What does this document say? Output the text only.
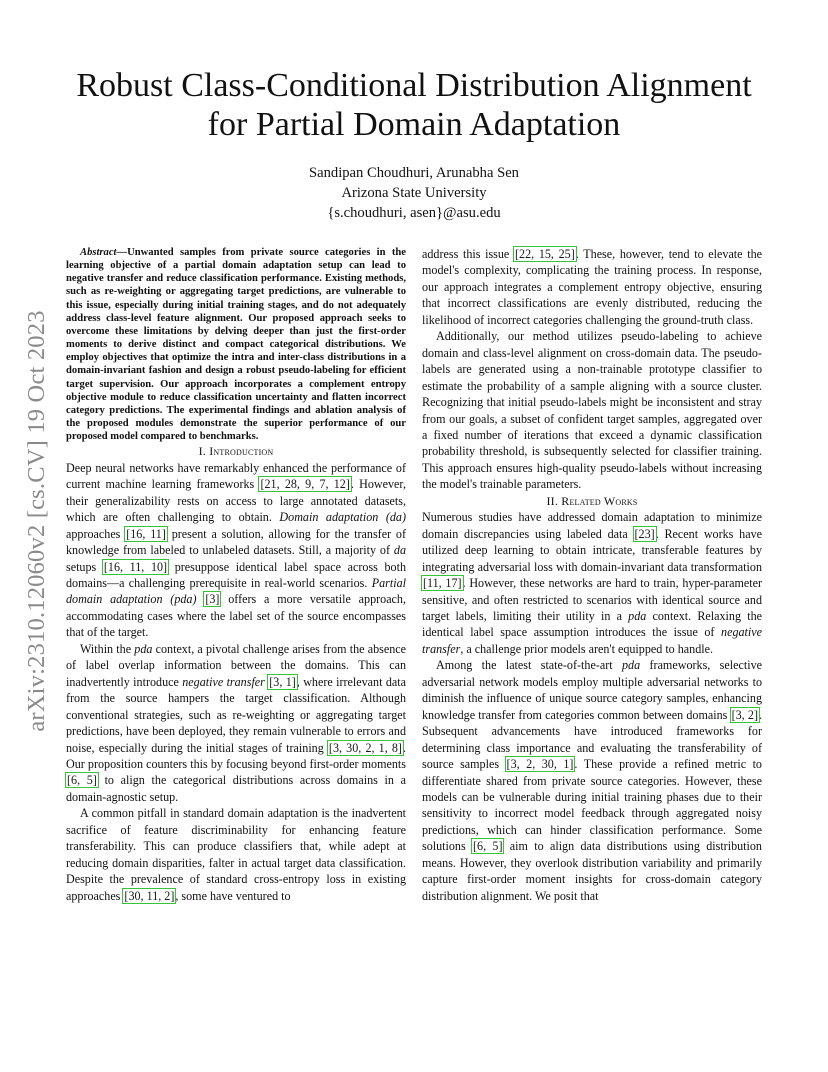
arXiv:2310.12060v2 [cs.CV] 19 Oct 2023
Robust Class-Conditional Distribution Alignment
for Partial Domain Adaptation
Sandipan Choudhuri, Arunabha Sen
Arizona State University
{s.choudhuri, asen}@asu.edu

Abstract—Unwanted samples from private source categories in the learning objective of a partial domain adaptation setup can lead to negative transfer and reduce classification performance. Existing methods, such as re-weighting or aggregating target predictions, are vulnerable to this issue, especially during initial training stages, and do not adequately address class-level feature alignment. Our proposed approach seeks to overcome these limitations by delving deeper than just the first-order moments to derive distinct and compact categorical distributions. We employ objectives that optimize the intra and inter-class distributions in a domain-invariant fashion and design a robust pseudo-labeling for efficient target supervision. Our approach incorporates a complement entropy objective module to reduce classification uncertainty and flatten incorrect category predictions. The experimental findings and ablation analysis of the proposed modules demonstrate the superior performance of our proposed model compared to benchmarks.

I. Introduction

Deep neural networks have remarkably enhanced the performance of current machine learning frameworks [21, 28, 9, 7, 12]. However, their generalizability rests on access to large annotated datasets, which are often challenging to obtain. Domain adaptation (da) approaches [16, 11] present a solution, allowing for the transfer of knowledge from labeled to unlabeled datasets. Still, a majority of da setups [16, 11, 10] presuppose identical label space across both domains—a challenging prerequisite in real-world scenarios. Partial domain adaptation (pda) [3] offers a more versatile approach, accommodating cases where the label set of the source encompasses that of the target.

Within the pda context, a pivotal challenge arises from the absence of label overlap information between the domains. This can inadvertently introduce negative transfer [3, 1], where irrelevant data from the source hampers the target classification. Although conventional strategies, such as re-weighting or aggregating target predictions, have been deployed, they remain vulnerable to errors and noise, especially during the initial stages of training [3, 30, 2, 1, 8]. Our proposition counters this by focusing beyond first-order moments [6, 5] to align the categorical distributions across domains in a domain-agnostic setup.

A common pitfall in standard domain adaptation is the inadvertent sacrifice of feature discriminability for enhancing feature transferability. This can produce classifiers that, while adept at reducing domain disparities, falter in actual target data classification. Despite the prevalence of standard cross-entropy loss in existing approaches [30, 11, 2], some have ventured to

address this issue [22, 15, 25]. These, however, tend to elevate the model's complexity, complicating the training process. In response, our approach integrates a complement entropy objective, ensuring that incorrect classifications are evenly distributed, reducing the likelihood of incorrect categories challenging the ground-truth class.

Additionally, our method utilizes pseudo-labeling to achieve domain and class-level alignment on cross-domain data. The pseudo-labels are generated using a non-trainable prototype classifier to estimate the probability of a sample aligning with a source cluster. Recognizing that initial pseudo-labels might be inconsistent and stray from our goals, a subset of confident target samples, aggregated over a fixed number of iterations that exceed a dynamic classification probability threshold, is subsequently selected for classifier training. This approach ensures high-quality pseudo-labels without increasing the model's trainable parameters.

II. Related Works

Numerous studies have addressed domain adaptation to minimize domain discrepancies using labeled data [23]. Recent works have utilized deep learning to obtain intricate, transferable features by integrating adversarial loss with domain-invariant data transformation [11, 17]. However, these networks are hard to train, hyper-parameter sensitive, and often restricted to scenarios with identical source and target labels, limiting their utility in a pda context. Relaxing the identical label space assumption introduces the issue of negative transfer, a challenge prior models aren't equipped to handle.

Among the latest state-of-the-art pda frameworks, selective adversarial network models employ multiple adversarial networks to diminish the influence of unique source category samples, enhancing knowledge transfer from categories common between domains [3, 2]. Subsequent advancements have introduced frameworks for determining class importance and evaluating the transferability of source samples [3, 2, 30, 1]. These provide a refined metric to differentiate shared from private source categories. However, these models can be vulnerable during initial training phases due to their sensitivity to incorrect model feedback through aggregated noisy predictions, which can hinder classification performance. Some solutions [6, 5] aim to align data distributions using distribution means. However, they overlook distribution variability and primarily capture first-order moment insights for cross-domain category distribution alignment. We posit that
